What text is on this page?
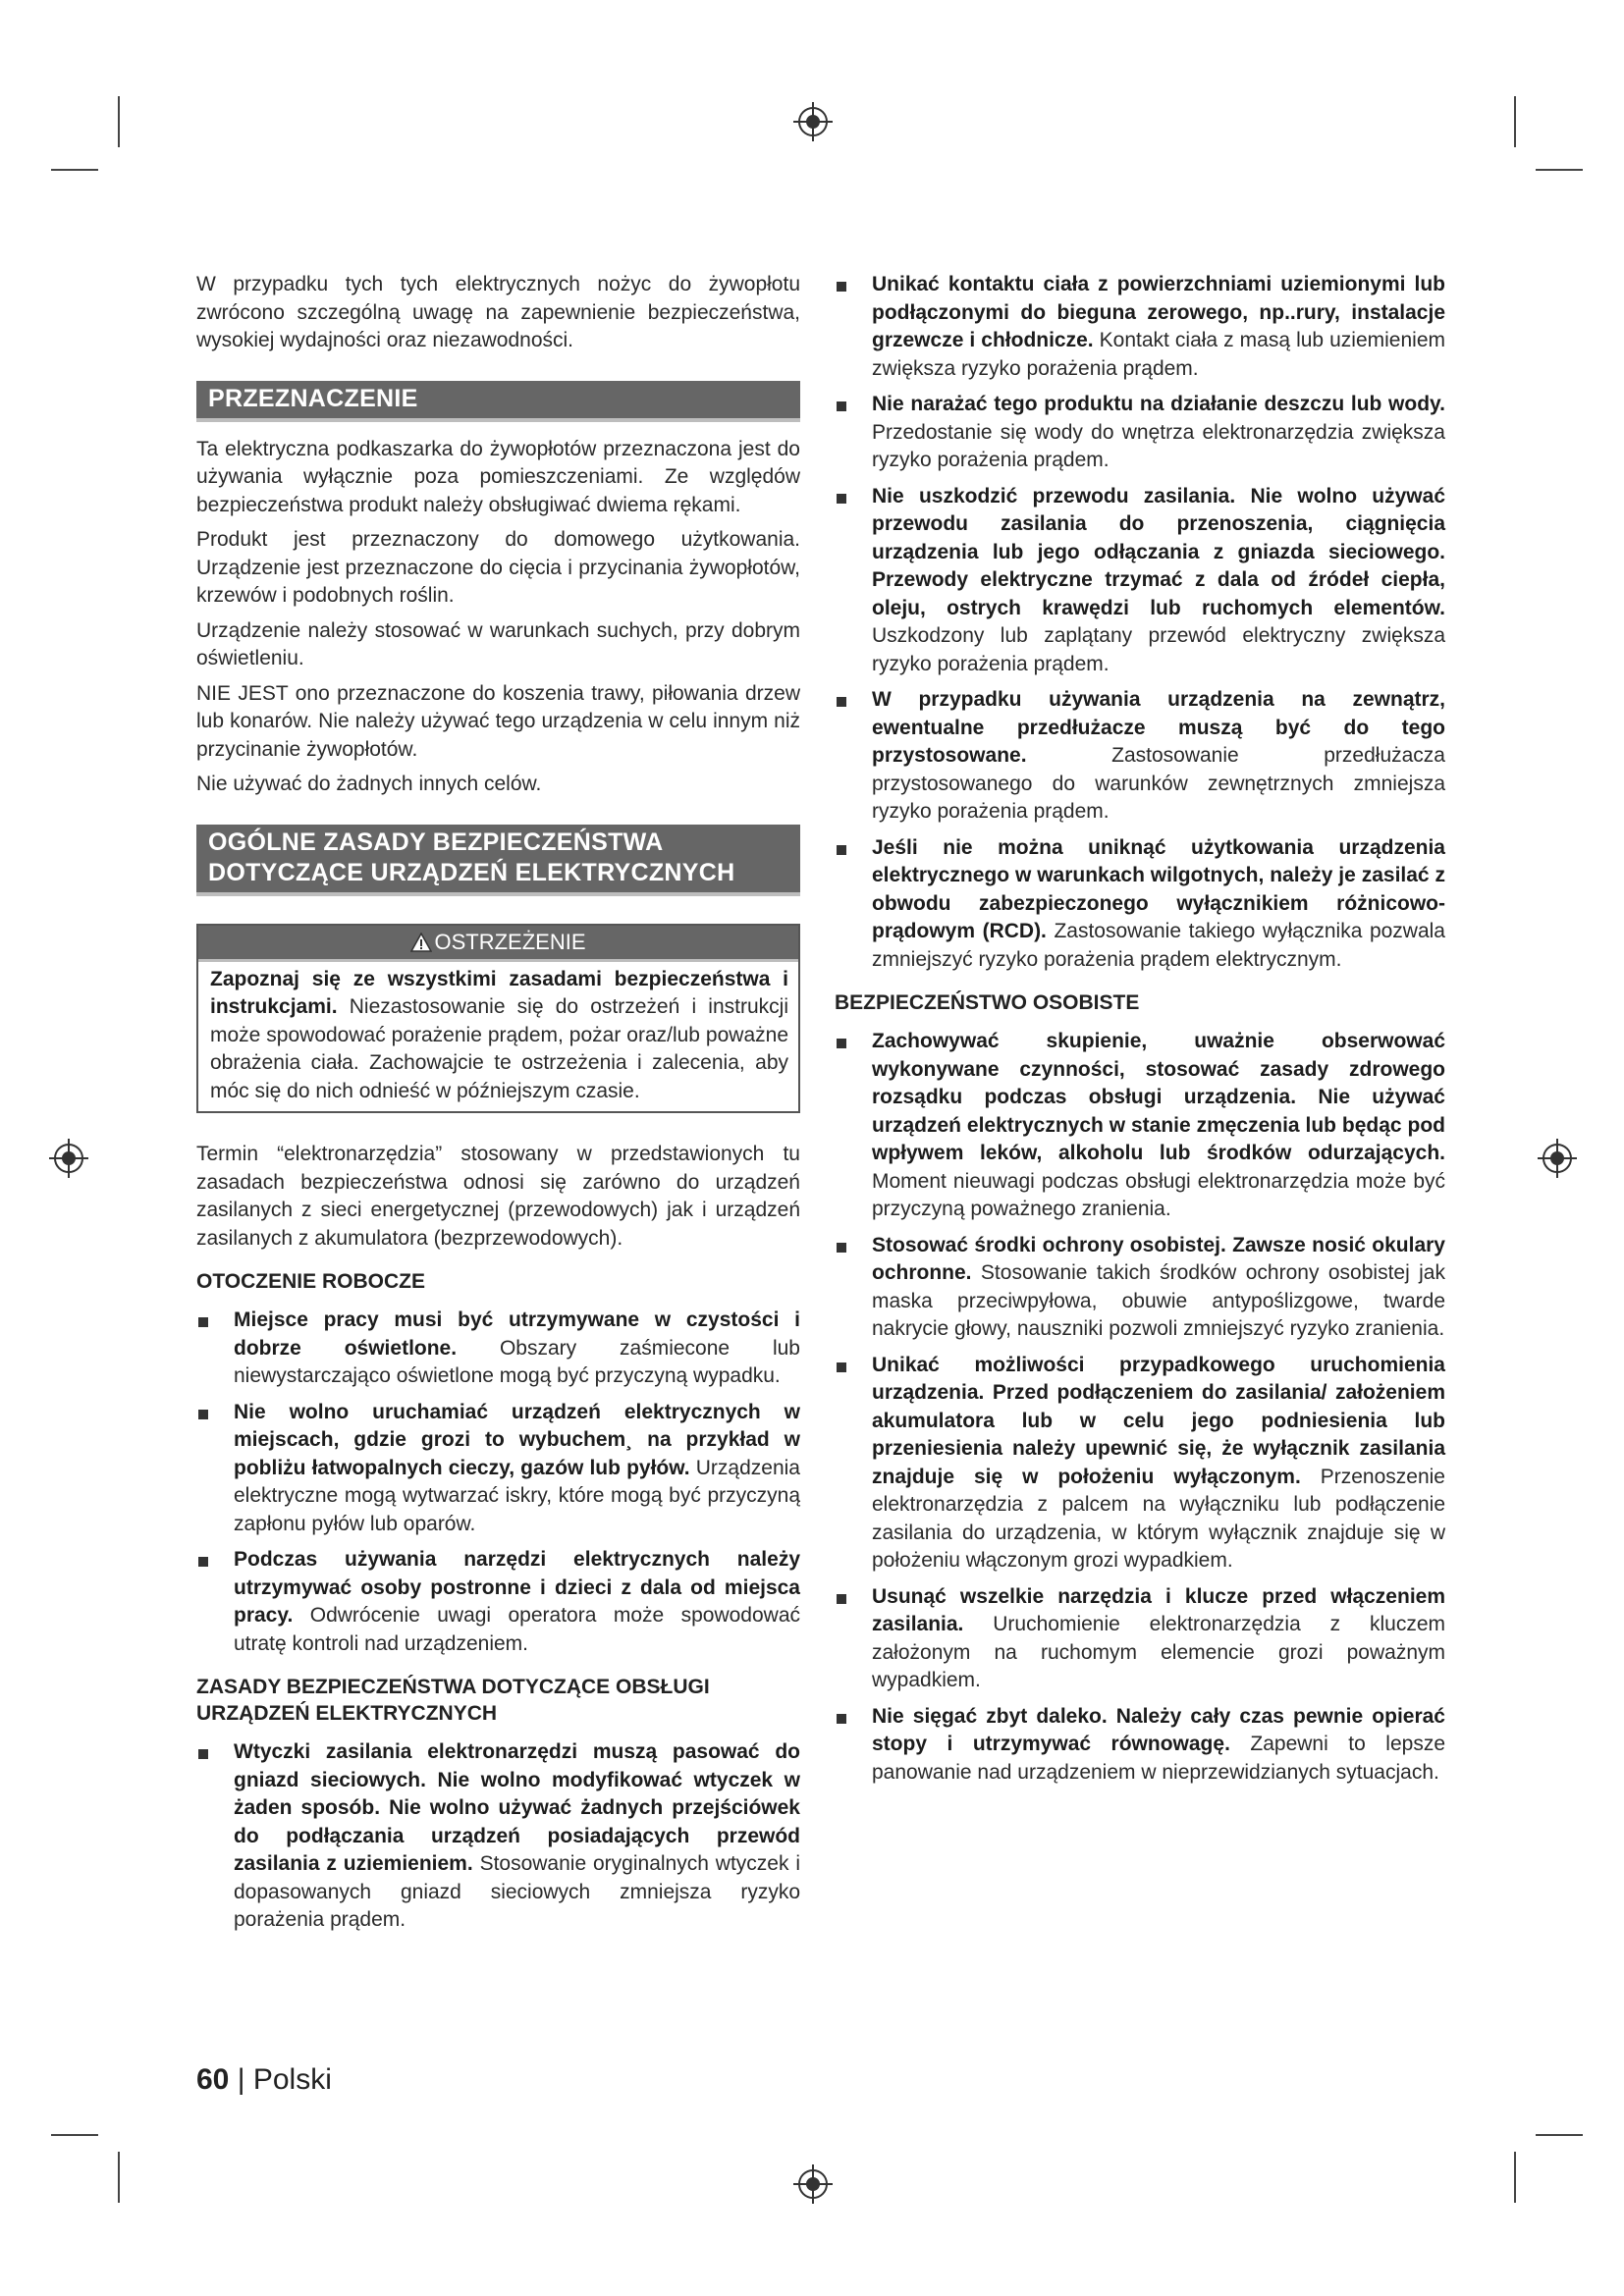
W przypadku tych tych elektrycznych nożyc do żywopłotu zwrócono szczególną uwagę na zapewnienie bezpieczeństwa, wysokiej wydajności oraz niezawodności.

PRZEZNACZENIE

Ta elektryczna podkaszarka do żywopłotów przeznaczona jest do używania wyłącznie poza pomieszczeniami. Ze względów bezpieczeństwa produkt należy obsługiwać dwiema rękami.

Produkt jest przeznaczony do domowego użytkowania. Urządzenie jest przeznaczone do cięcia i przycinania żywopłotów, krzewów i podobnych roślin.

Urządzenie należy stosować w warunkach suchych, przy dobrym oświetleniu.

NIE JEST ono przeznaczone do koszenia trawy, piłowania drzew lub konarów. Nie należy używać tego urządzenia w celu innym niż przycinanie żywopłotów.

Nie używać do żadnych innych celów.

OGÓLNE ZASADY BEZPIECZEŃSTWA
DOTYCZĄCE URZĄDZEŃ ELEKTRYCZNYCH
OSTRZEŻENIE

Zapoznaj się ze wszystkimi zasadami bezpieczeństwa i instrukcjami. Niezastosowanie się do ostrzeżeń i instrukcji może spowodować porażenie prądem, pożar oraz/lub poważne obrażenia ciała. Zachowajcie te ostrzeżenia i zalecenia, aby móc się do nich odnieść w późniejszym czasie.

Termin “elektronarzędzia” stosowany w przedstawionych tu zasadach bezpieczeństwa odnosi się zarówno do urządzeń zasilanych z sieci energetycznej (przewodowych) jak i urządzeń zasilanych z akumulatora (bezprzewodowych).

OTOCZENIE ROBOCZE
Miejsce pracy musi być utrzymywane w czystości i dobrze oświetlone. Obszary zaśmiecone lub niewystarczająco oświetlone mogą być przyczyną wypadku.
Nie wolno uruchamiać urządzeń elektrycznych w miejscach, gdzie grozi to wybuchem¸ na przykład w pobliżu łatwopalnych cieczy, gazów lub pyłów. Urządzenia elektryczne mogą wytwarzać iskry, które mogą być przyczyną zapłonu pyłów lub oparów.
Podczas używania narzędzi elektrycznych należy utrzymywać osoby postronne i dzieci z dala od miejsca pracy. Odwrócenie uwagi operatora może spowodować utratę kontroli nad urządzeniem.
ZASADY BEZPIECZEŃSTWA DOTYCZĄCE OBSŁUGI URZĄDZEŃ ELEKTRYCZNYCH
Wtyczki zasilania elektronarzędzi muszą pasować do gniazd sieciowych. Nie wolno modyfikować wtyczek w żaden sposób. Nie wolno używać żadnych przejściówek do podłączania urządzeń posiadających przewód zasilania z uziemieniem. Stosowanie oryginalnych wtyczek i dopasowanych gniazd sieciowych zmniejsza ryzyko porażenia prądem.
Unikać kontaktu ciała z powierzchniami uziemionymi lub podłączonymi do bieguna zerowego, np..rury, instalacje grzewcze i chłodnicze. Kontakt ciała z masą lub uziemieniem zwiększa ryzyko porażenia prądem.
Nie narażać tego produktu na działanie deszczu lub wody. Przedostanie się wody do wnętrza elektronarzędzia zwiększa ryzyko porażenia prądem.
Nie uszkodzić przewodu zasilania. Nie wolno używać przewodu zasilania do przenoszenia, ciągnięcia urządzenia lub jego odłączania z gniazda sieciowego. Przewody elektryczne trzymać z dala od źródeł ciepła, oleju, ostrych krawędzi lub ruchomych elementów. Uszkodzony lub zaplątany przewód elektryczny zwiększa ryzyko porażenia prądem.
W przypadku używania urządzenia na zewnątrz, ewentualne przedłużacze muszą być do tego przystosowane. Zastosowanie przedłużacza przystosowanego do warunków zewnętrznych zmniejsza ryzyko porażenia prądem.
Jeśli nie można uniknąć użytkowania urządzenia elektrycznego w warunkach wilgotnych, należy je zasilać z obwodu zabezpieczonego wyłącznikiem różnicowo-prądowym (RCD). Zastosowanie takiego wyłącznika pozwala zmniejszyć ryzyko porażenia prądem elektrycznym.
BEZPIECZEŃSTWO OSOBISTE
Zachowywać skupienie, uważnie obserwować wykonywane czynności, stosować zasady zdrowego rozsądku podczas obsługi urządzenia. Nie używać urządzeń elektrycznych w stanie zmęczenia lub będąc pod wpływem leków, alkoholu lub środków odurzających. Moment nieuwagi podczas obsługi elektronarzędzia może być przyczyną poważnego zranienia.
Stosować środki ochrony osobistej. Zawsze nosić okulary ochronne. Stosowanie takich środków ochrony osobistej jak maska przeciwpyłowa, obuwie antypoślizgowe, twarde nakrycie głowy, nauszniki pozwoli zmniejszyć ryzyko zranienia.
Unikać możliwości przypadkowego uruchomienia urządzenia. Przed podłączeniem do zasilania/ założeniem akumulatora lub w celu jego podniesienia lub przeniesienia należy upewnić się, że wyłącznik zasilania znajduje się w położeniu wyłączonym. Przenoszenie elektronarzędzia z palcem na wyłączniku lub podłączenie zasilania do urządzenia, w którym wyłącznik znajduje się w położeniu włączonym grozi wypadkiem.
Usunąć wszelkie narzędzia i klucze przed włączeniem zasilania. Uruchomienie elektronarzędzia z kluczem założonym na ruchomym elemencie grozi poważnym wypadkiem.
Nie sięgać zbyt daleko. Należy cały czas pewnie opierać stopy i utrzymywać równowagę. Zapewni to lepsze panowanie nad urządzeniem w nieprzewidzianych sytuacjach.
60 | Polski
